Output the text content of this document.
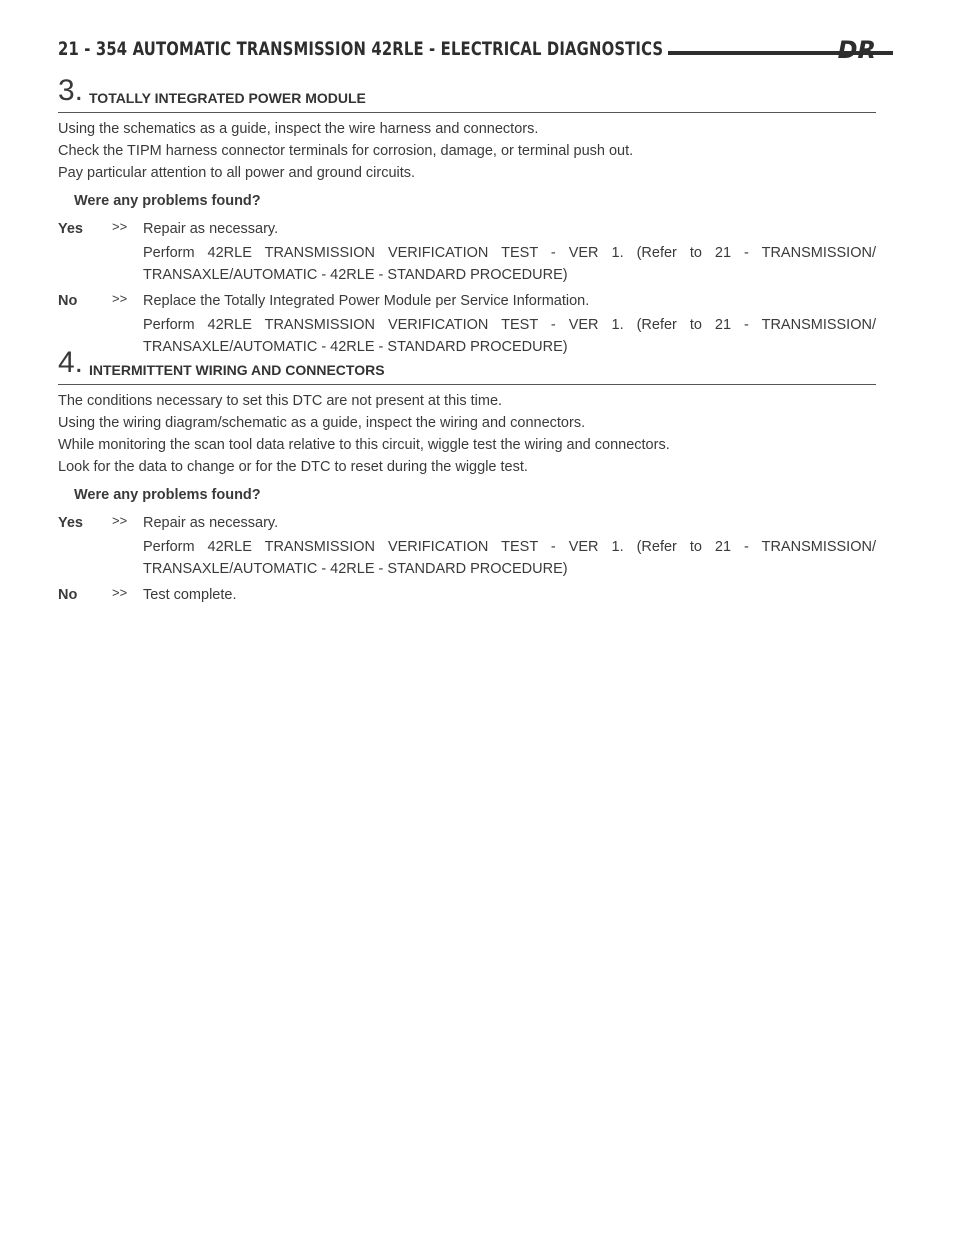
21 - 354 AUTOMATIC TRANSMISSION 42RLE - ELECTRICAL DIAGNOSTICS	DR
3. TOTALLY INTEGRATED POWER MODULE

Using the schematics as a guide, inspect the wire harness and connectors.

Check the TIPM harness connector terminals for corrosion, damage, or terminal push out.

Pay particular attention to all power and ground circuits.

Were any problems found?

Yes >> Repair as necessary.

Perform 42RLE TRANSMISSION VERIFICATION TEST - VER 1. (Refer to 21 - TRANSMISSION/ TRANSAXLE/AUTOMATIC - 42RLE - STANDARD PROCEDURE)

No	>> Replace the Totally Integrated Power Module per Service Information.

Perform 42RLE TRANSMISSION VERIFICATION TEST - VER 1. (Refer to 21 - TRANSMISSION/ TRANSAXLE/AUTOMATIC - 42RLE - STANDARD PROCEDURE)

4. INTERMITTENT WIRING AND CONNECTORS

The conditions necessary to set this DTC are not present at this time.

Using the wiring diagram/schematic as a guide, inspect the wiring and connectors.

While monitoring the scan tool data relative to this circuit, wiggle test the wiring and connectors.

Look for the data to change or for the DTC to reset during the wiggle test.

Were any problems found?

Yes >> Repair as necessary.

Perform 42RLE TRANSMISSION VERIFICATION TEST - VER 1. (Refer to 21 - TRANSMISSION/ TRANSAXLE/AUTOMATIC - 42RLE - STANDARD PROCEDURE)

No	>> Test complete.
